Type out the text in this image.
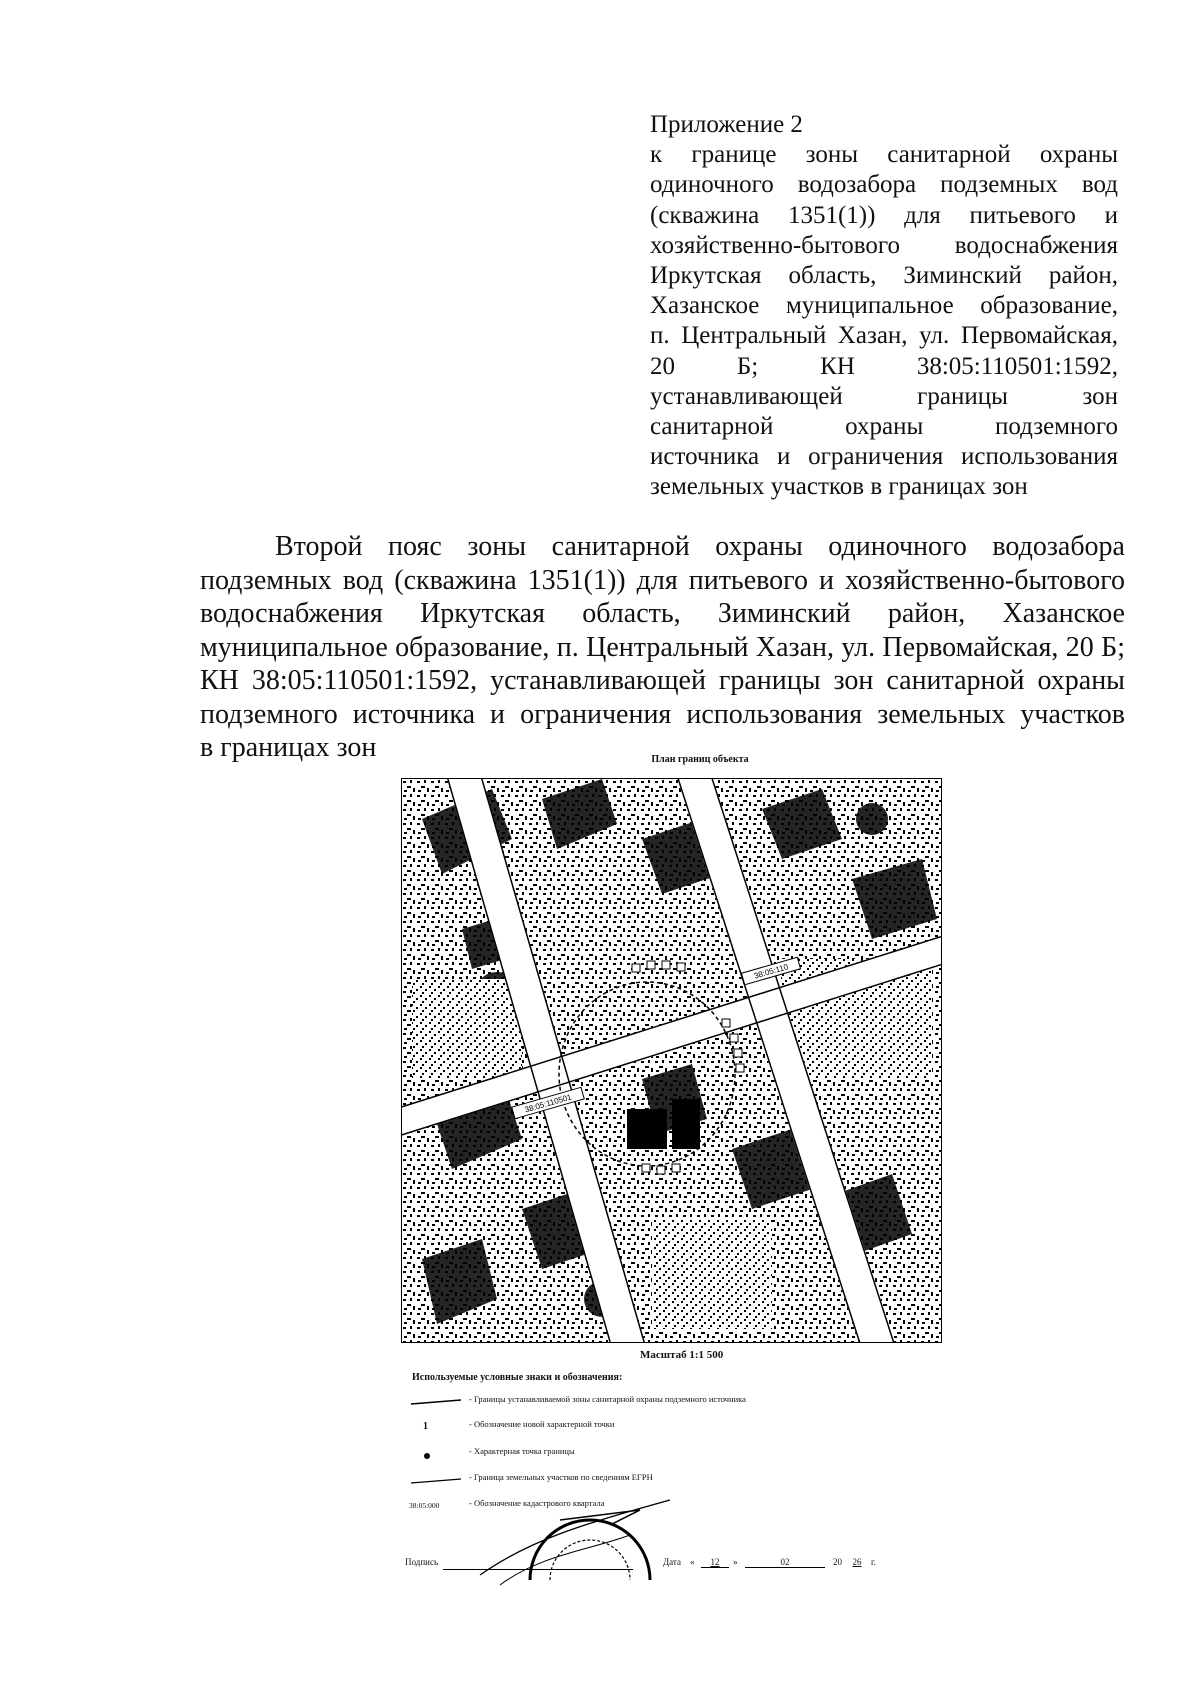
Приложение 2
к границе зоны санитарной охраны
одиночного водозабора подземных вод
(скважина 1351(1)) для питьевого и
хозяйственно-бытового водоснабжения
Иркутская область, Зиминский район,
Хазанское муниципальное образование,
п. Центральный Хазан, ул. Первомайская,
20 Б; КН 38:05:110501:1592,
устанавливающей границы зон
санитарной охраны подземного
источника и ограничения использования
земельных участков в границах зон
Второй пояс зоны санитарной охраны одиночного водозабора
подземных вод (скважина 1351(1)) для питьевого и хозяйственно-бытового
водоснабжения Иркутская область, Зиминский район, Хазанское
муниципальное образование, п. Центральный Хазан, ул. Первомайская, 20 Б;
КН 38:05:110501:1592, устанавливающей границы зон санитарной охраны
подземного источника и ограничения использования земельных участков
в границах зон	План границ объекта
38:05:110501
38:05:110
Масштаб 1:1 500
Используемые условные знаки и обозначения:
- Границы устанавливаемой зоны санитарной охраны подземного источника
1	- Обозначение новой характерной точки
- Характерная точка границы
- Граница земельных участков по сведениям ЕГРН
38:05:000	- Обозначение кадастрового квартала
Подпись	Дата «	12	»	02	20	26	г.
